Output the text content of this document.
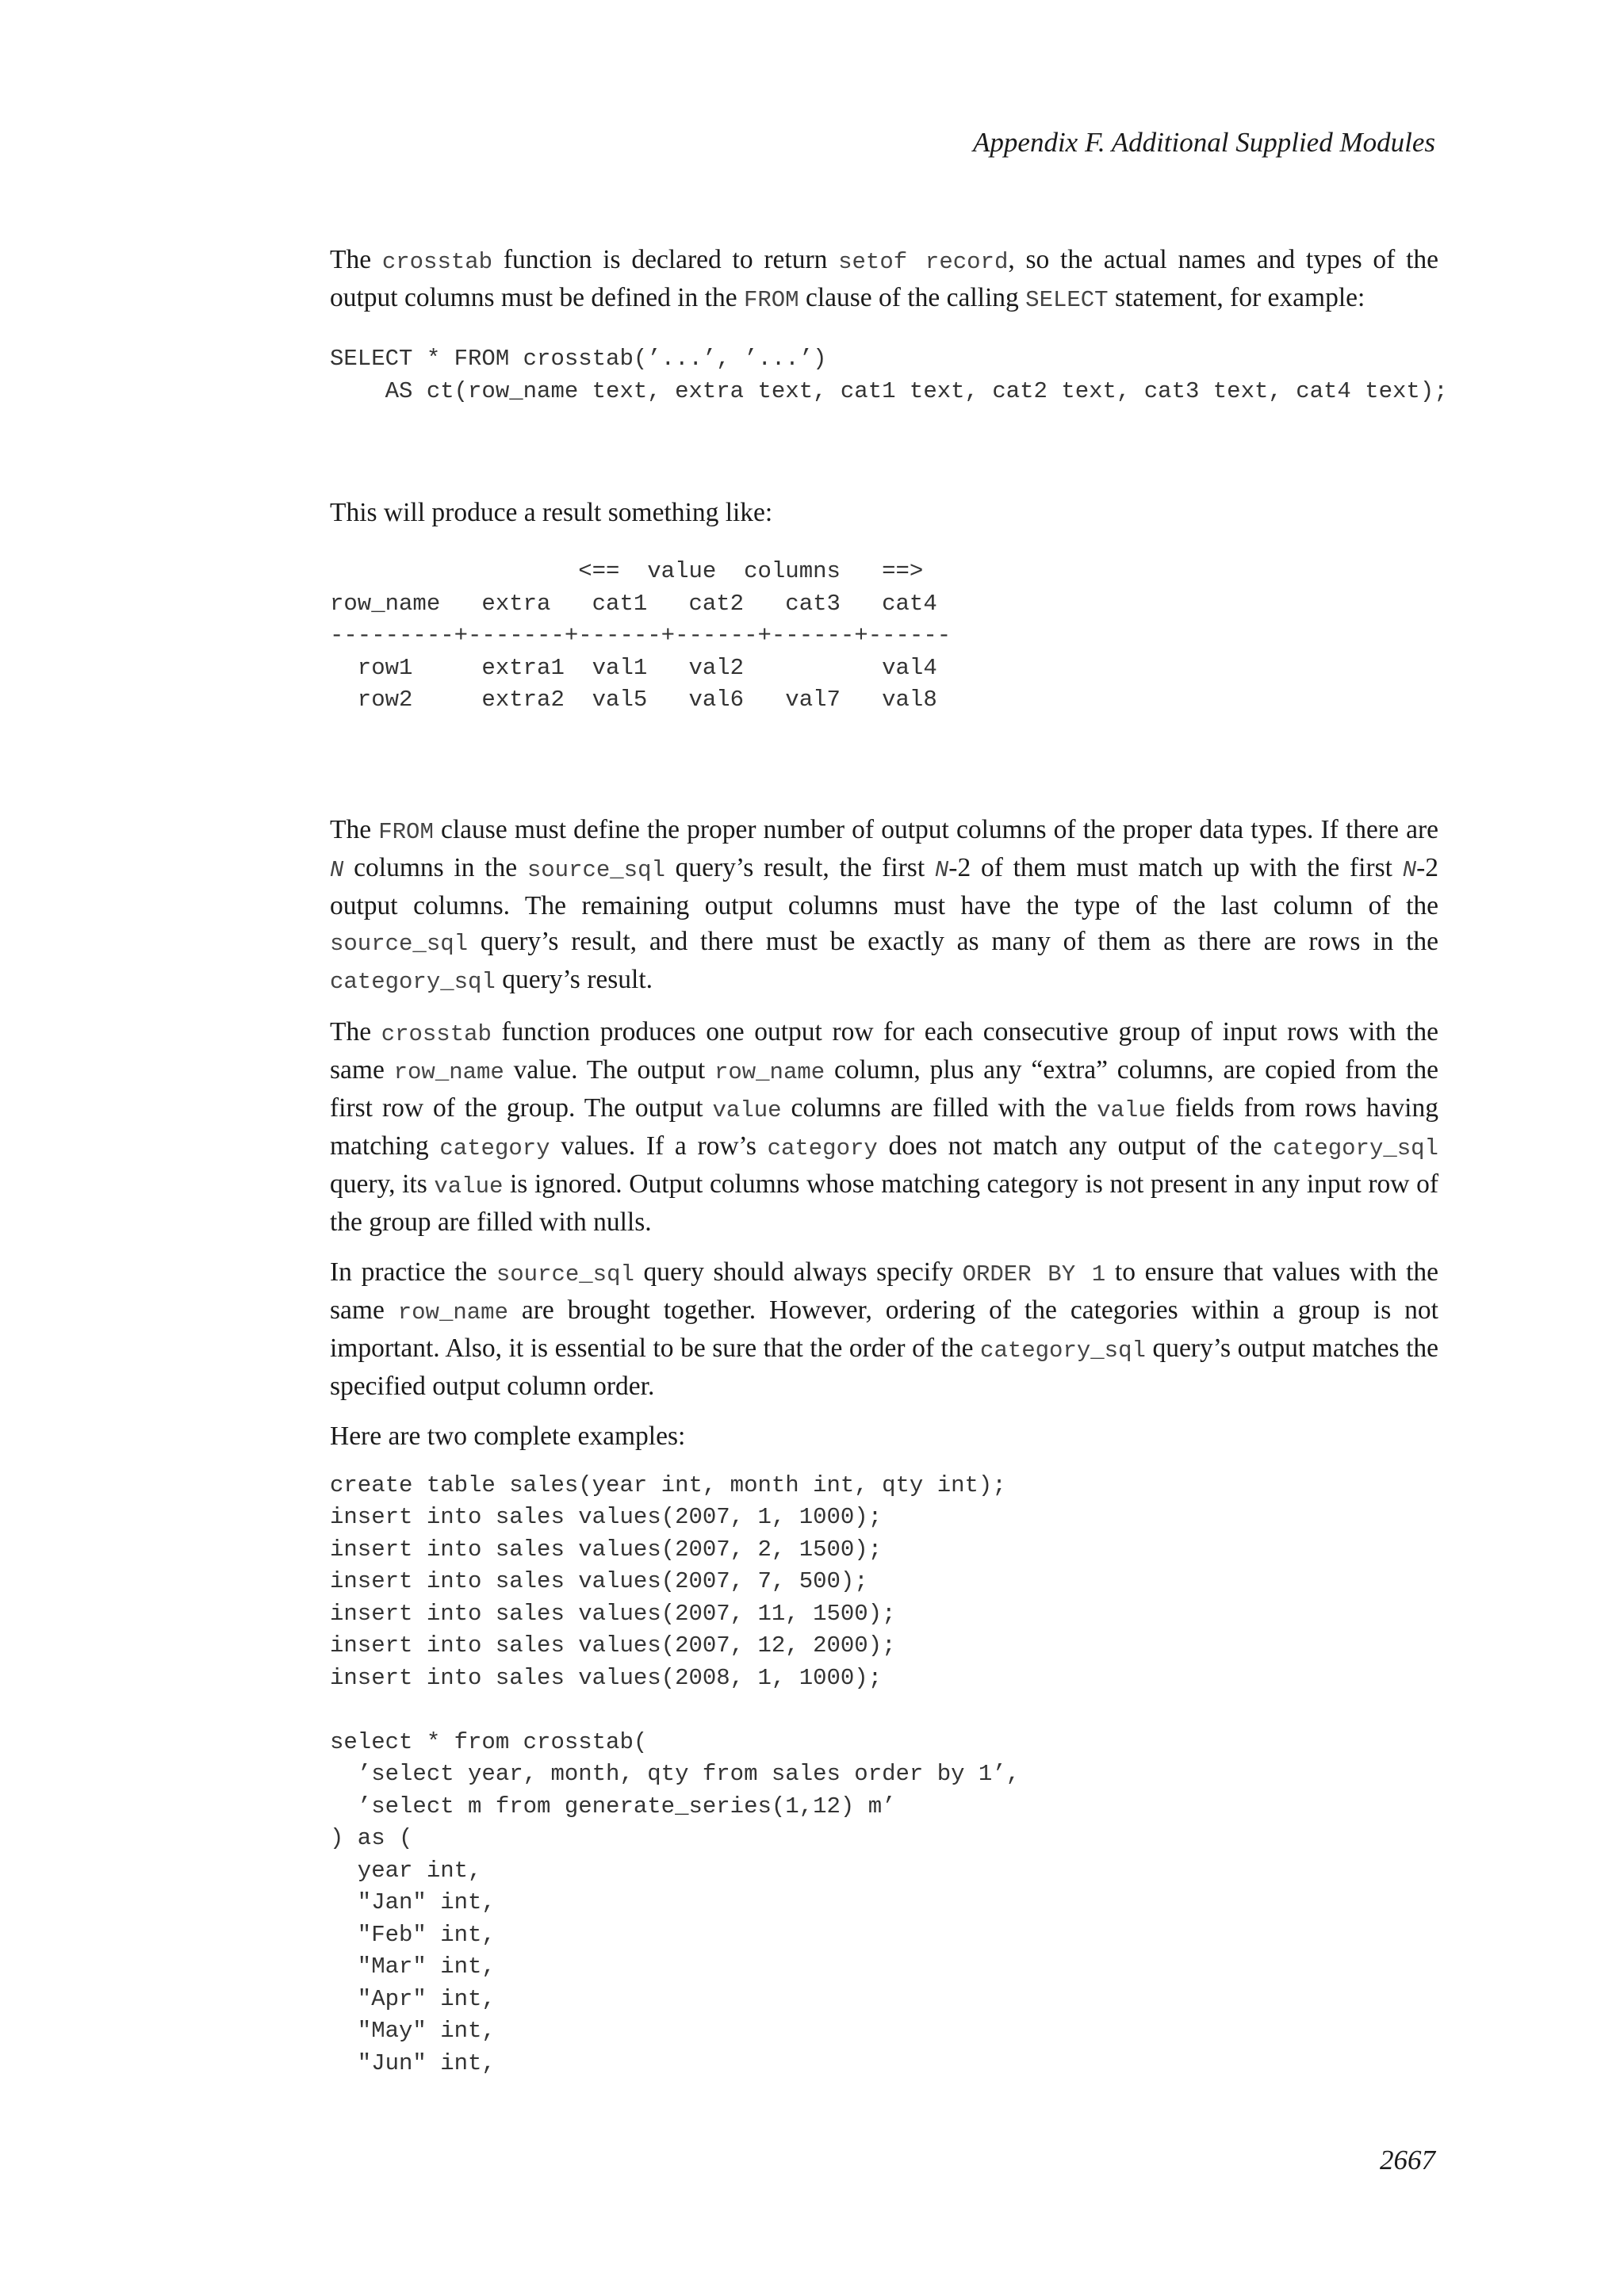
Appendix F. Additional Supplied Modules

The crosstab function is declared to return setof record, so the actual names and types of the output columns must be defined in the FROM clause of the calling SELECT statement, for example:

SELECT * FROM crosstab(’...’, ’...’)
AS ct(row_name text, extra text, cat1 text, cat2 text, cat3 text, cat4 text);

This will produce a result something like:

<==  value  columns   ==>
row_name   extra   cat1   cat2   cat3   cat4
---------+-------+------+------+------+------
row1     extra1  val1   val2          val4
row2     extra2  val5   val6   val7   val8

The FROM clause must define the proper number of output columns of the proper data types. If there are N columns in the source_sql query’s result, the first N-2 of them must match up with the first N-2 output columns. The remaining output columns must have the type of the last column of the source_sql query’s result, and there must be exactly as many of them as there are rows in the category_sql query’s result.

The crosstab function produces one output row for each consecutive group of input rows with the same row_name value. The output row_name column, plus any “extra” columns, are copied from the first row of the group. The output value columns are filled with the value fields from rows having matching category values. If a row’s category does not match any output of the category_sql query, its value is ignored. Output columns whose matching category is not present in any input row of the group are filled with nulls.

In practice the source_sql query should always specify ORDER BY 1 to ensure that values with the same row_name are brought together. However, ordering of the categories within a group is not important. Also, it is essential to be sure that the order of the category_sql query’s output matches the specified output column order.

Here are two complete examples:

create table sales(year int, month int, qty int);
insert into sales values(2007, 1, 1000);
insert into sales values(2007, 2, 1500);
insert into sales values(2007, 7, 500);
insert into sales values(2007, 11, 1500);
insert into sales values(2007, 12, 2000);
insert into sales values(2008, 1, 1000);

select * from crosstab(
’select year, month, qty from sales order by 1’,
’select m from generate_series(1,12) m’
) as (
year int,
"Jan" int,
"Feb" int,
"Mar" int,
"Apr" int,
"May" int,
"Jun" int,
2667
